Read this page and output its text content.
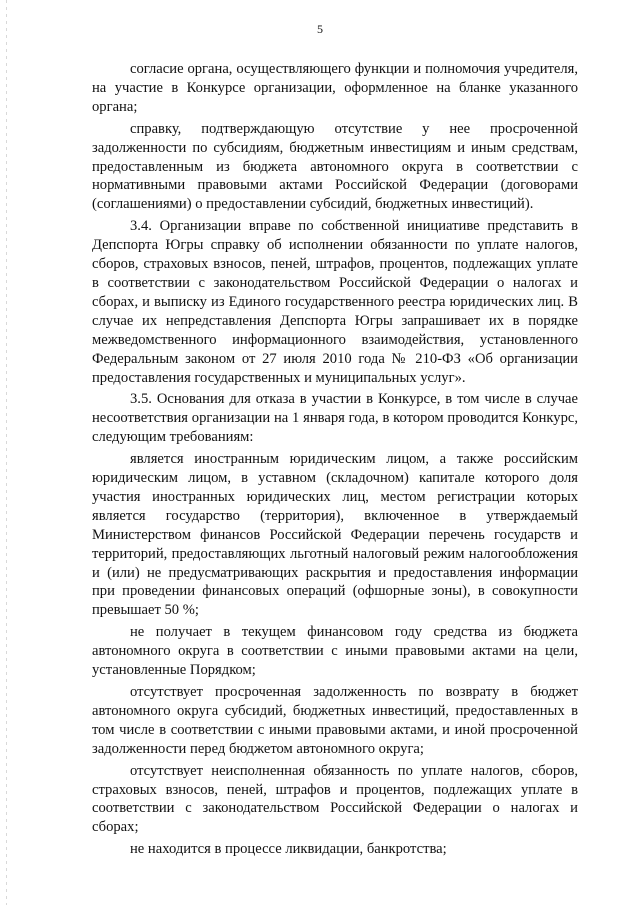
5

согласие органа, осуществляющего функции и полномочия учредителя, на участие в Конкурсе организации, оформленное на бланке указанного органа;

справку, подтверждающую отсутствие у нее просроченной задолженности по субсидиям, бюджетным инвестициям и иным средствам, предоставленным из бюджета автономного округа в соответствии с нормативными правовыми актами Российской Федерации (договорами (соглашениями) о предоставлении субсидий, бюджетных инвестиций).

3.4. Организации вправе по собственной инициативе представить в Депспорта Югры справку об исполнении обязанности по уплате налогов, сборов, страховых взносов, пеней, штрафов, процентов, подлежащих уплате в соответствии с законодательством Российской Федерации о налогах и сборах, и выписку из Единого государственного реестра юридических лиц. В случае их непредставления Депспорта Югры запрашивает их в порядке межведомственного информационного взаимодействия, установленного Федеральным законом от 27 июля 2010 года № 210-ФЗ «Об организации предоставления государственных и муниципальных услуг».

3.5. Основания для отказа в участии в Конкурсе, в том числе в случае несоответствия организации на 1 января года, в котором проводится Конкурс, следующим требованиям:

является иностранным юридическим лицом, а также российским юридическим лицом, в уставном (складочном) капитале которого доля участия иностранных юридических лиц, местом регистрации которых является государство (территория), включенное в утверждаемый Министерством финансов Российской Федерации перечень государств и территорий, предоставляющих льготный налоговый режим налогообложения и (или) не предусматривающих раскрытия и предоставления информации при проведении финансовых операций (офшорные зоны), в совокупности превышает 50 %;

не получает в текущем финансовом году средства из бюджета автономного округа в соответствии с иными правовыми актами на цели, установленные Порядком;

отсутствует просроченная задолженность по возврату в бюджет автономного округа субсидий, бюджетных инвестиций, предоставленных в том числе в соответствии с иными правовыми актами, и иной просроченной задолженности перед бюджетом автономного округа;

отсутствует неисполненная обязанность по уплате налогов, сборов, страховых взносов, пеней, штрафов и процентов, подлежащих уплате в соответствии с законодательством Российской Федерации о налогах и сборах;

не находится в процессе ликвидации, банкротства;
